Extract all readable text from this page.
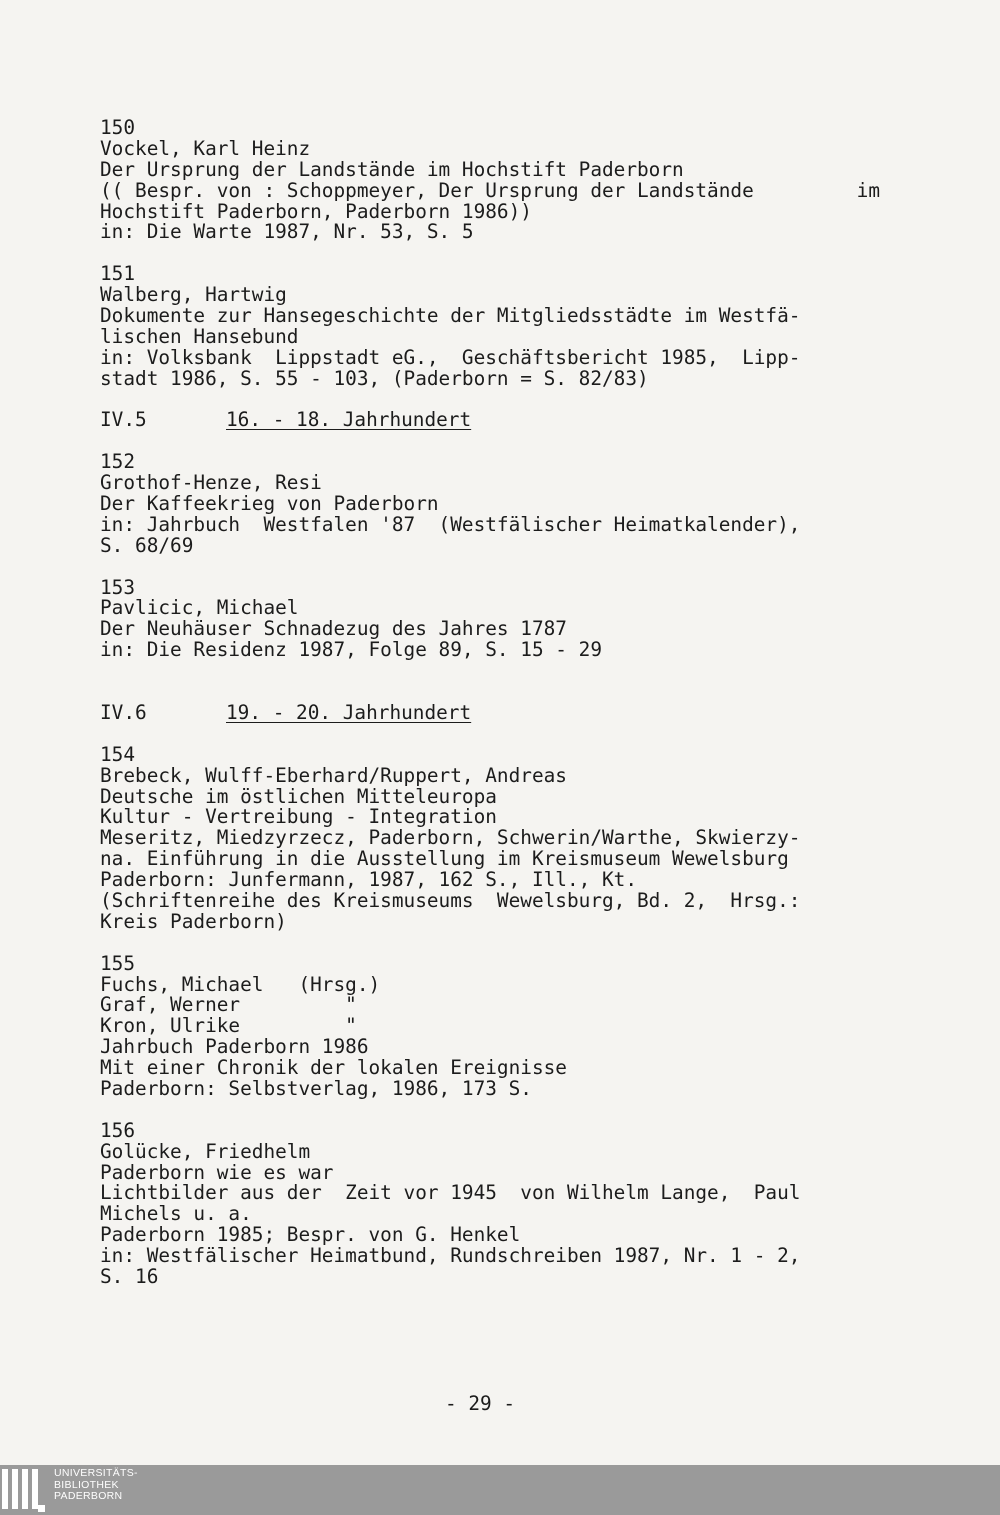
150
Vockel, Karl Heinz
Der Ursprung der Landstände im Hochstift Paderborn
(( Bespr. von : Schoppmeyer, Der Ursprung der Landstände	im
Hochstift Paderborn, Paderborn 1986))
in: Die Warte 1987, Nr. 53, S. 5
151
Walberg, Hartwig
Dokumente zur Hansegeschichte der Mitgliedsstädte im Westfä-
lischen Hansebund
in: Volksbank  Lippstadt eG.,  Geschäftsbericht 1985,  Lipp-
stadt 1986, S. 55 - 103, (Paderborn = S. 82/83)
IV.5	16. - 18. Jahrhundert
152
Grothof-Henze, Resi
Der Kaffeekrieg von Paderborn
in: Jahrbuch  Westfalen '87  (Westfälischer Heimatkalender),
S. 68/69
153
Pavlicic, Michael
Der Neuhäuser Schnadezug des Jahres 1787
in: Die Residenz 1987, Folge 89, S. 15 - 29
IV.6	19. - 20. Jahrhundert
154
Brebeck, Wulff-Eberhard/Ruppert, Andreas
Deutsche im östlichen Mitteleuropa
Kultur - Vertreibung - Integration
Meseritz, Miedzyrzecz, Paderborn, Schwerin/Warthe, Skwierzy-
na. Einführung in die Ausstellung im Kreismuseum Wewelsburg
Paderborn: Junfermann, 1987, 162 S., Ill., Kt.
(Schriftenreihe des Kreismuseums  Wewelsburg, Bd. 2,  Hrsg.:
Kreis Paderborn)
155
Fuchs, Michael   (Hrsg.)
Graf, Werner         "
Kron, Ulrike         "
Jahrbuch Paderborn 1986
Mit einer Chronik der lokalen Ereignisse
Paderborn: Selbstverlag, 1986, 173 S.
156
Golücke, Friedhelm
Paderborn wie es war
Lichtbilder aus der  Zeit vor 1945  von Wilhelm Lange,  Paul
Michels u. a.
Paderborn 1985; Bespr. von G. Henkel
in: Westfälischer Heimatbund, Rundschreiben 1987, Nr. 1 - 2,
S. 16
- 29 -
UNIVERSITÄTS-
BIBLIOTHEK
PADERBORN
